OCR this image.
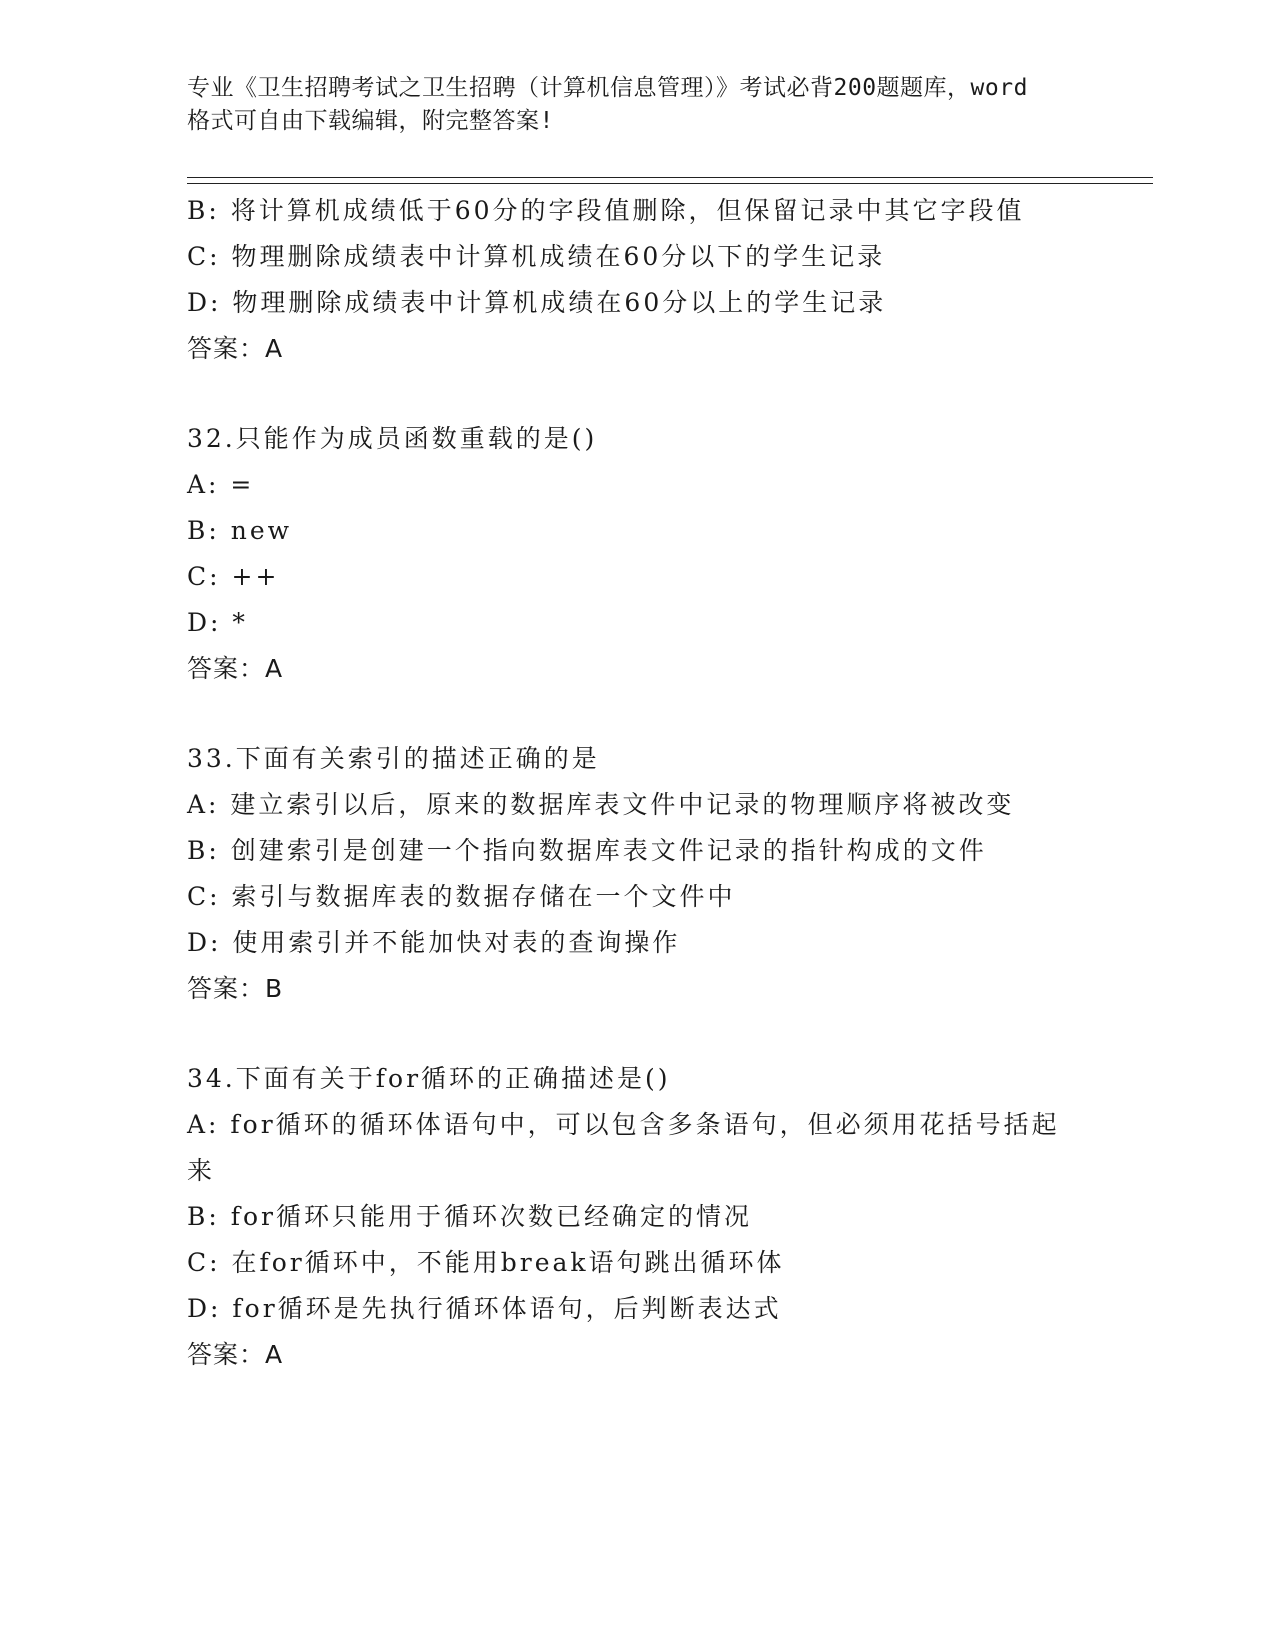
专业《卫生招聘考试之卫生招聘（计算机信息管理）》考试必背200题题库，word
格式可自由下载编辑，附完整答案!
B: 将计算机成绩低于60分的字段值删除，但保留记录中其它字段值
C: 物理删除成绩表中计算机成绩在60分以下的学生记录
D: 物理删除成绩表中计算机成绩在60分以上的学生记录
答案：A
32.只能作为成员函数重载的是()
A: =
B: new
C: ++
D: *
答案：A
33.下面有关索引的描述正确的是
A: 建立索引以后，原来的数据库表文件中记录的物理顺序将被改变
B: 创建索引是创建一个指向数据库表文件记录的指针构成的文件
C: 索引与数据库表的数据存储在一个文件中
D: 使用索引并不能加快对表的查询操作
答案：B
34.下面有关于for循环的正确描述是()
A: for循环的循环体语句中，可以包含多条语句，但必须用花括号括起来
B: for循环只能用于循环次数已经确定的情况
C: 在for循环中，不能用break语句跳出循环体
D: for循环是先执行循环体语句，后判断表达式
答案：A
